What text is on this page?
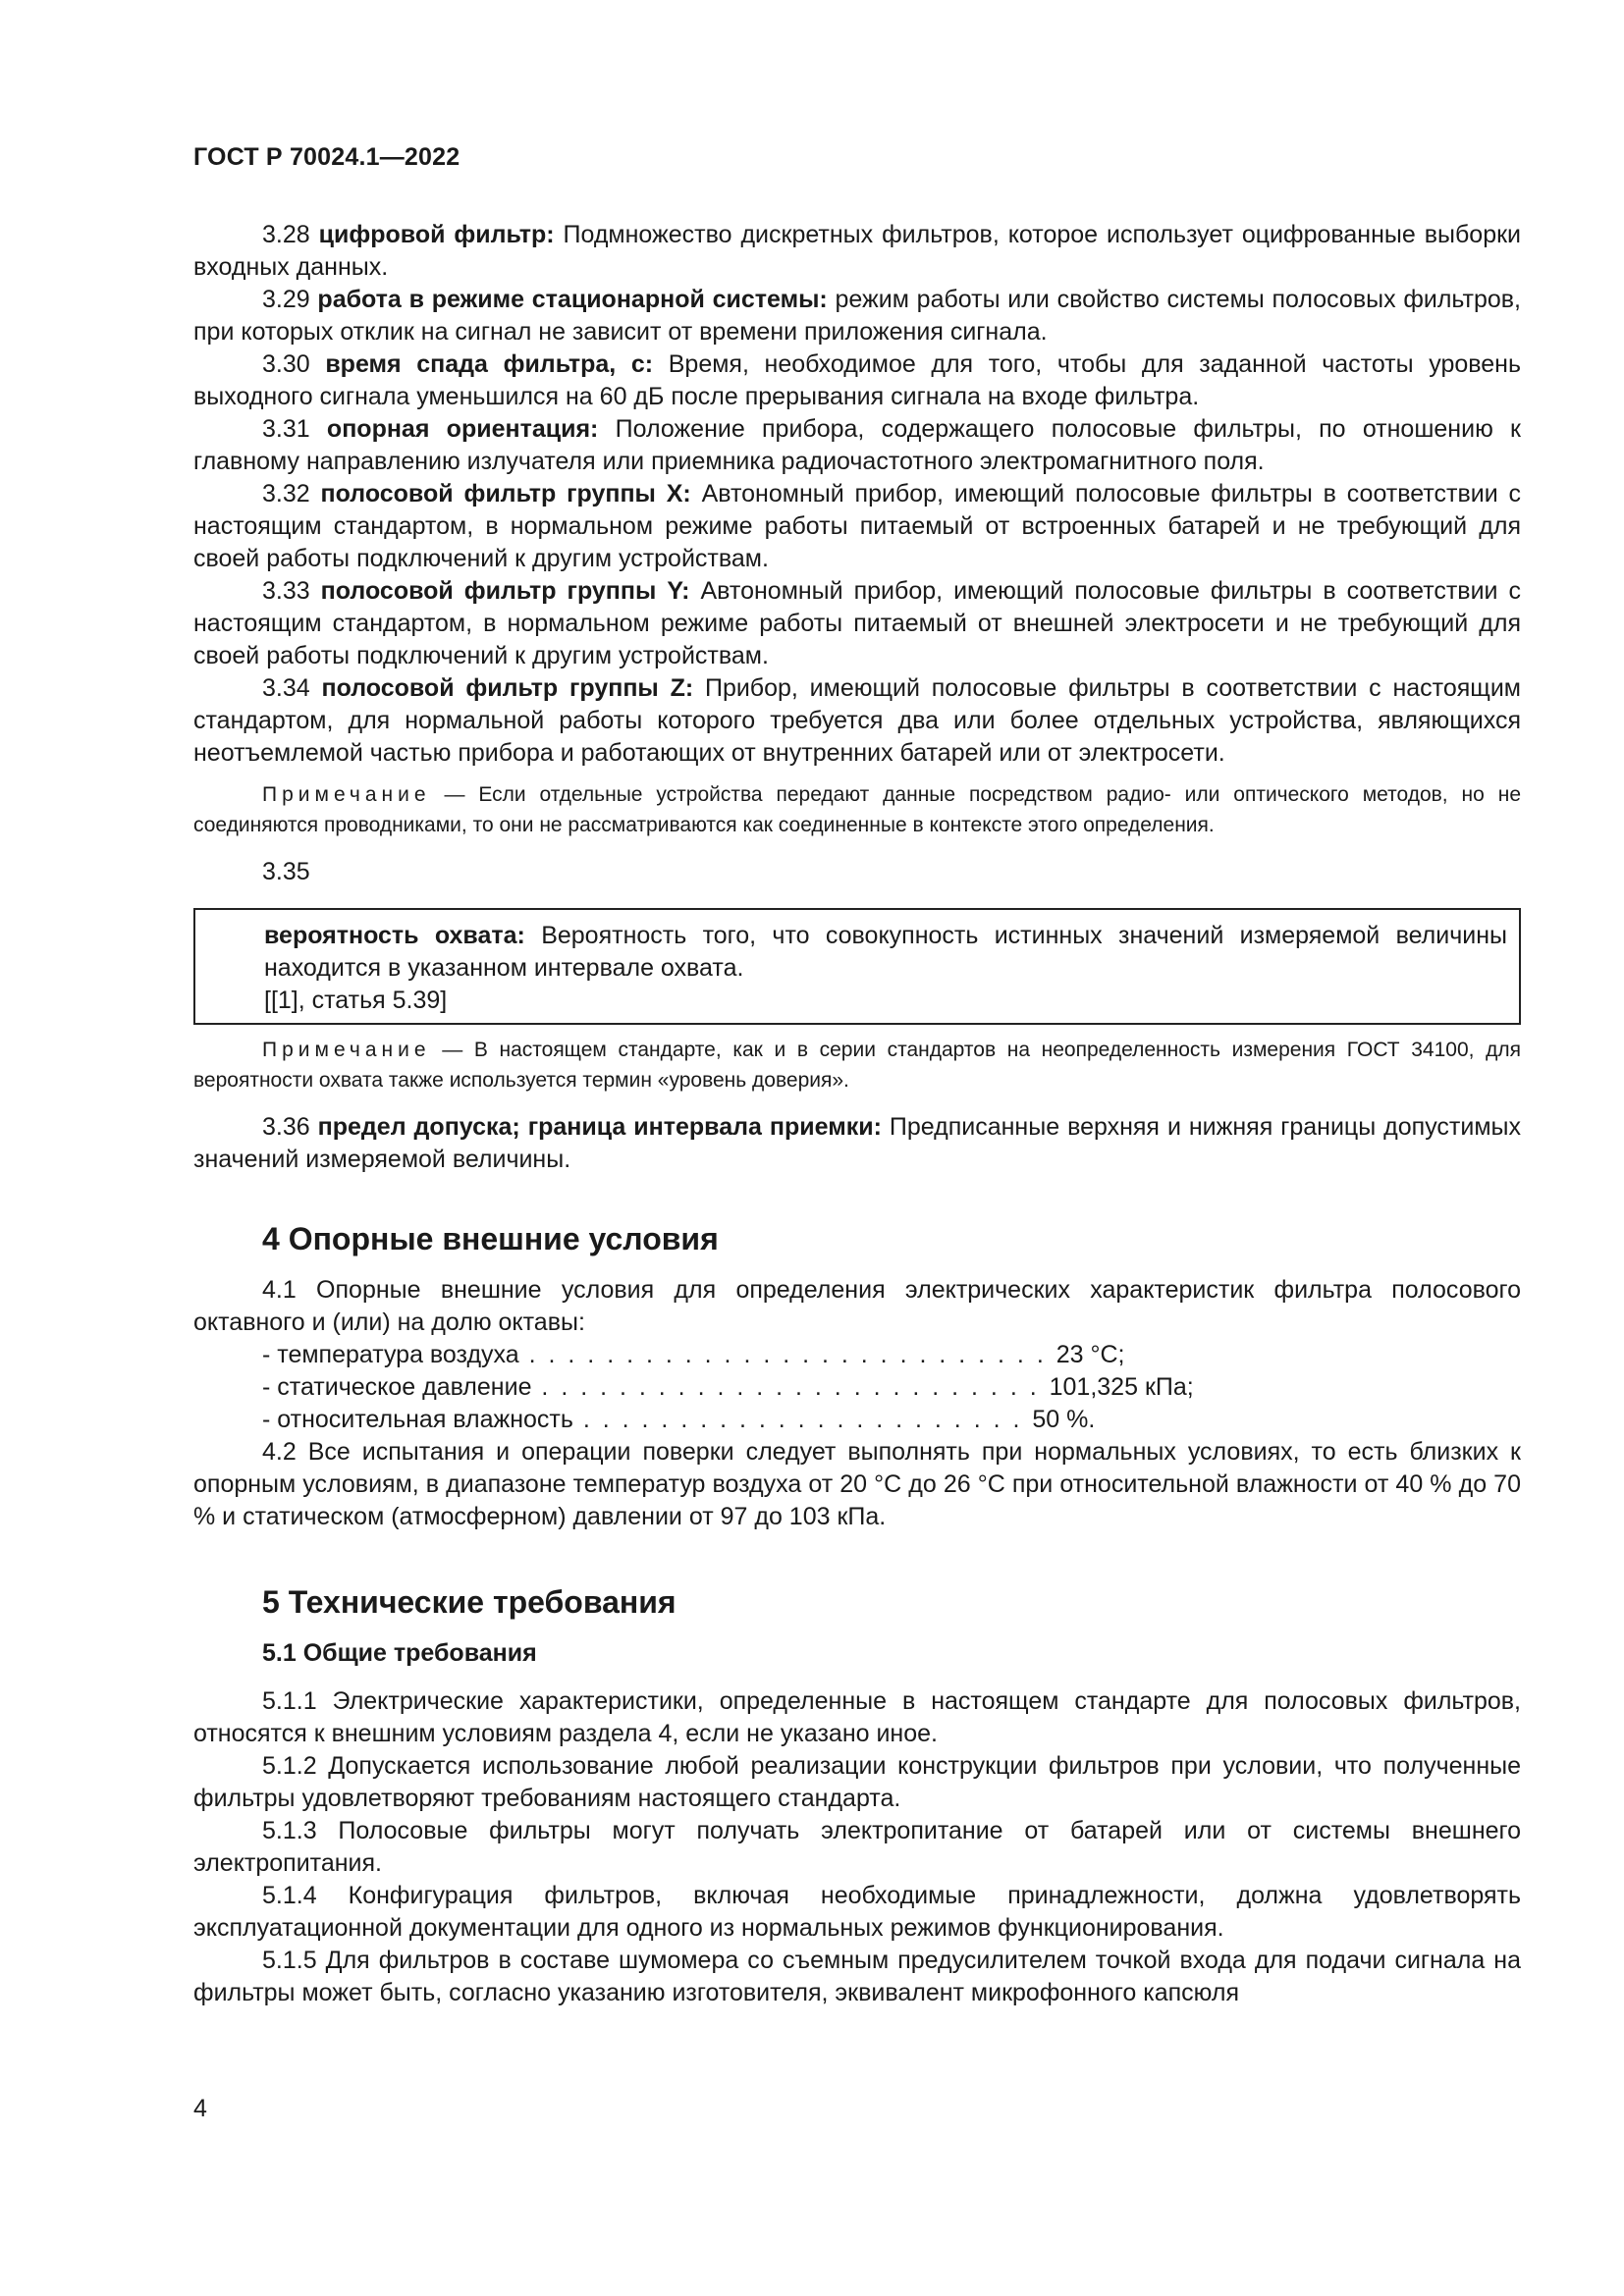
ГОСТ Р 70024.1—2022

3.28 цифровой фильтр: Подмножество дискретных фильтров, которое использует оцифрованные выборки входных данных.

3.29 работа в режиме стационарной системы: режим работы или свойство системы полосовых фильтров, при которых отклик на сигнал не зависит от времени приложения сигнала.

3.30 время спада фильтра, с: Время, необходимое для того, чтобы для заданной частоты уровень выходного сигнала уменьшился на 60 дБ после прерывания сигнала на входе фильтра.

3.31 опорная ориентация: Положение прибора, содержащего полосовые фильтры, по отношению к главному направлению излучателя или приемника радиочастотного электромагнитного поля.

3.32 полосовой фильтр группы X: Автономный прибор, имеющий полосовые фильтры в соответствии с настоящим стандартом, в нормальном режиме работы питаемый от встроенных батарей и не требующий для своей работы подключений к другим устройствам.

3.33 полосовой фильтр группы Y: Автономный прибор, имеющий полосовые фильтры в соответствии с настоящим стандартом, в нормальном режиме работы питаемый от внешней электросети и не требующий для своей работы подключений к другим устройствам.

3.34 полосовой фильтр группы Z: Прибор, имеющий полосовые фильтры в соответствии с настоящим стандартом, для нормальной работы которого требуется два или более отдельных устройства, являющихся неотъемлемой частью прибора и работающих от внутренних батарей или от электросети.

Примечание — Если отдельные устройства передают данные посредством радио- или оптического методов, но не соединяются проводниками, то они не рассматриваются как соединенные в контексте этого определения.

3.35

вероятность охвата: Вероятность того, что совокупность истинных значений измеряемой величины находится в указанном интервале охвата.

[[1], статья 5.39]

Примечание — В настоящем стандарте, как и в серии стандартов на неопределенность измерения ГОСТ 34100, для вероятности охвата также используется термин «уровень доверия».

3.36 предел допуска; граница интервала приемки: Предписанные верхняя и нижняя границы допустимых значений измеряемой величины.

4 Опорные внешние условия

4.1 Опорные внешние условия для определения электрических характеристик фильтра полосового октавного и (или) на долю октавы:

- температура воздуха . . . . . . . . . . . . . . . . . . . . . . . . . . . 23 °C;
- статическое давление . . . . . . . . . . . . . . . . . . . . . . . . . . 101,325 кПа;
- относительная влажность . . . . . . . . . . . . . . . . . . . . . . . 50 %.

4.2 Все испытания и операции поверки следует выполнять при нормальных условиях, то есть близких к опорным условиям, в диапазоне температур воздуха от 20 °C до 26 °C при относительной влажности от 40 % до 70 % и статическом (атмосферном) давлении от 97 до 103 кПа.

5 Технические требования
5.1 Общие требования

5.1.1 Электрические характеристики, определенные в настоящем стандарте для полосовых фильтров, относятся к внешним условиям раздела 4, если не указано иное.

5.1.2 Допускается использование любой реализации конструкции фильтров при условии, что полученные фильтры удовлетворяют требованиям настоящего стандарта.

5.1.3 Полосовые фильтры могут получать электропитание от батарей или от системы внешнего электропитания.

5.1.4 Конфигурация фильтров, включая необходимые принадлежности, должна удовлетворять эксплуатационной документации для одного из нормальных режимов функционирования.

5.1.5 Для фильтров в составе шумомера со съемным предусилителем точкой входа для подачи сигнала на фильтры может быть, согласно указанию изготовителя, эквивалент микрофонного капсюля

4
